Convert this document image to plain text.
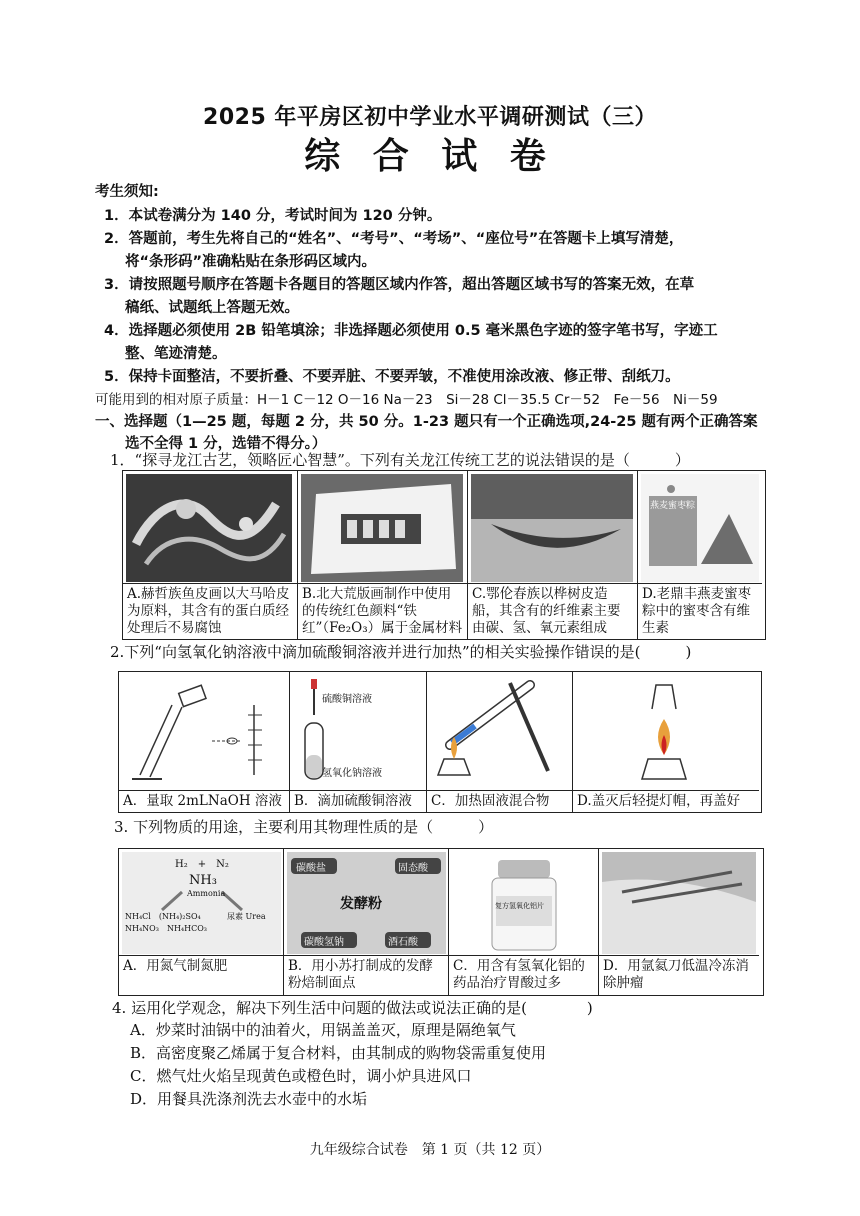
2025 年平房区初中学业水平调研测试（三）
综 合 试 卷
考生须知:
1．本试卷满分为 140 分，考试时间为 120 分钟。
2．答题前，考生先将自己的“姓名”、“考号”、“考场”、“座位号”在答题卡上填写清楚，
将“条形码”准确粘贴在条形码区域内。
3．请按照题号顺序在答题卡各题目的答题区域内作答，超出答题区域书写的答案无效，在草
稿纸、试题纸上答题无效。
4．选择题必须使用 2B 铅笔填涂；非选择题必须使用 0.5 毫米黑色字迹的签字笔书写，字迹工
整、笔迹清楚。
5．保持卡面整洁，不要折叠、不要弄脏、不要弄皱，不准使用涂改液、修正带、刮纸刀。
可能用到的相对原子质量：H－1 C－12 O－16 Na－23　Si－28 Cl－35.5 Cr－52　Fe－56　Ni－59
一、选择题（1—25 题，每题 2 分，共 50 分。1-23 题只有一个正确选项,24-25 题有两个正确答案
选不全得 1 分，选错不得分。）
1．“探寻龙江古艺，领略匠心智慧”。下列有关龙江传统工艺的说法错误的是（　　　）
A.赫哲族鱼皮画以大马哈皮为原料，其含有的蛋白质经处理后不易腐蚀
B.北大荒版画制作中使用的传统红色颜料“铁红”（Fe₂O₃）属于金属材料
C.鄂伦春族以桦树皮造船，其含有的纤维素主要由碳、氢、氧元素组成
燕麦蜜枣粽
D.老鼎丰燕麦蜜枣粽中的蜜枣含有维生素
2.下列“向氢氧化钠溶液中滴加硫酸铜溶液并进行加热”的相关实验操作错误的是(　　　)
A．量取 2mLNaOH 溶液
硫酸铜溶液
氢氧化钠溶液
B．滴加硫酸铜溶液	C．加热固液混合物	D.盖灭后轻提灯帽，再盖好
3. 下列物质的用途，主要利用其物理性质的是（　　　）
H₂　+　N₂
NH₃
Ammonia
NH₄Cl　(NH₄)₂SO₄
NH₄NO₃　NH₄HCO₃
尿素 Urea
A．用氮气制氮肥
碳酸盐	固态酸
发酵粉
碳酸氢钠	酒石酸
B．用小苏打制成的发酵粉焙制面点
复方氢氧化铝片
C．用含有氢氧化铝的药品治疗胃酸过多
D．用氩氦刀低温冷冻消除肿瘤
4. 运用化学观念，解决下列生活中问题的做法或说法正确的是(　　　　)
A．炒菜时油锅中的油着火，用锅盖盖灭，原理是隔绝氧气
B．高密度聚乙烯属于复合材料，由其制成的购物袋需重复使用
C．燃气灶火焰呈现黄色或橙色时，调小炉具进风口
D．用餐具洗涤剂洗去水壶中的水垢
九年级综合试卷　第 1 页（共 12 页）
